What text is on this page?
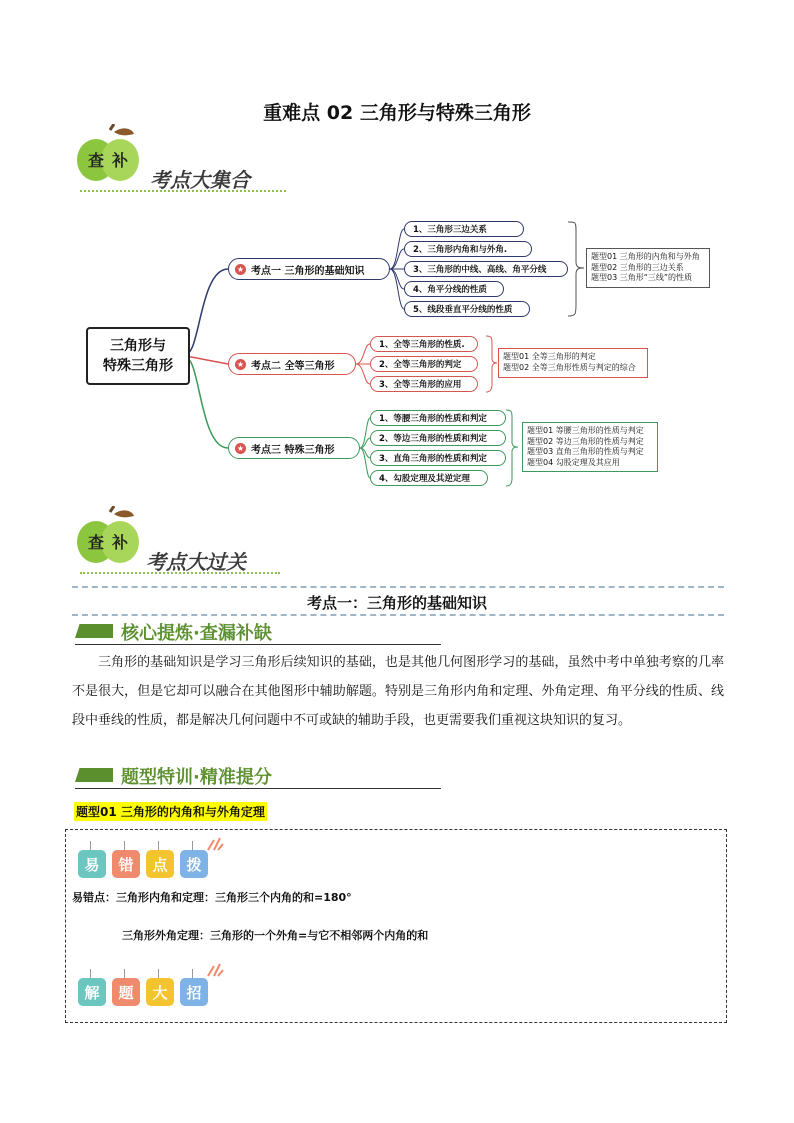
重难点 02 三角形与特殊三角形
查 补
考点大集合
三角形与
特殊三角形
★ 考点一 三角形的基础知识
1、三角形三边关系
2、三角形内角和与外角.
3、三角形的中线、高线、角平分线
4、角平分线的性质
5、线段垂直平分线的性质
题型01 三角形的内角和与外角
题型02 三角形的三边关系
题型03 三角形“三线”的性质
★ 考点二 全等三角形
1、全等三角形的性质.
2、全等三角形的判定
3、全等三角形的应用
题型01 全等三角形的判定
题型02 全等三角形性质与判定的综合
★ 考点三 特殊三角形
1、等腰三角形的性质和判定
2、等边三角形的性质和判定
3、直角三角形的性质和判定
4、勾股定理及其逆定理
题型01 等腰三角形的性质与判定
题型02 等边三角形的性质与判定
题型03 直角三角形的性质与判定
题型04 勾股定理及其应用
查 补
考点大过关
考点一：三角形的基础知识
核心提炼·查漏补缺
三角形的基础知识是学习三角形后续知识的基础，也是其他几何图形学习的基础，虽然中考中单独考察的几率不是很大，但是它却可以融合在其他图形中辅助解题。特别是三角形内角和定理、外角定理、角平分线的性质、线段中垂线的性质，都是解决几何问题中不可或缺的辅助手段，也更需要我们重视这块知识的复习。
题型特训·精准提分
题型01 三角形的内角和与外角定理
易	错	点	拨
易错点：三角形内角和定理：三角形三个内角的和=180°
三角形外角定理：三角形的一个外角=与它不相邻两个内角的和
解	题	大	招
